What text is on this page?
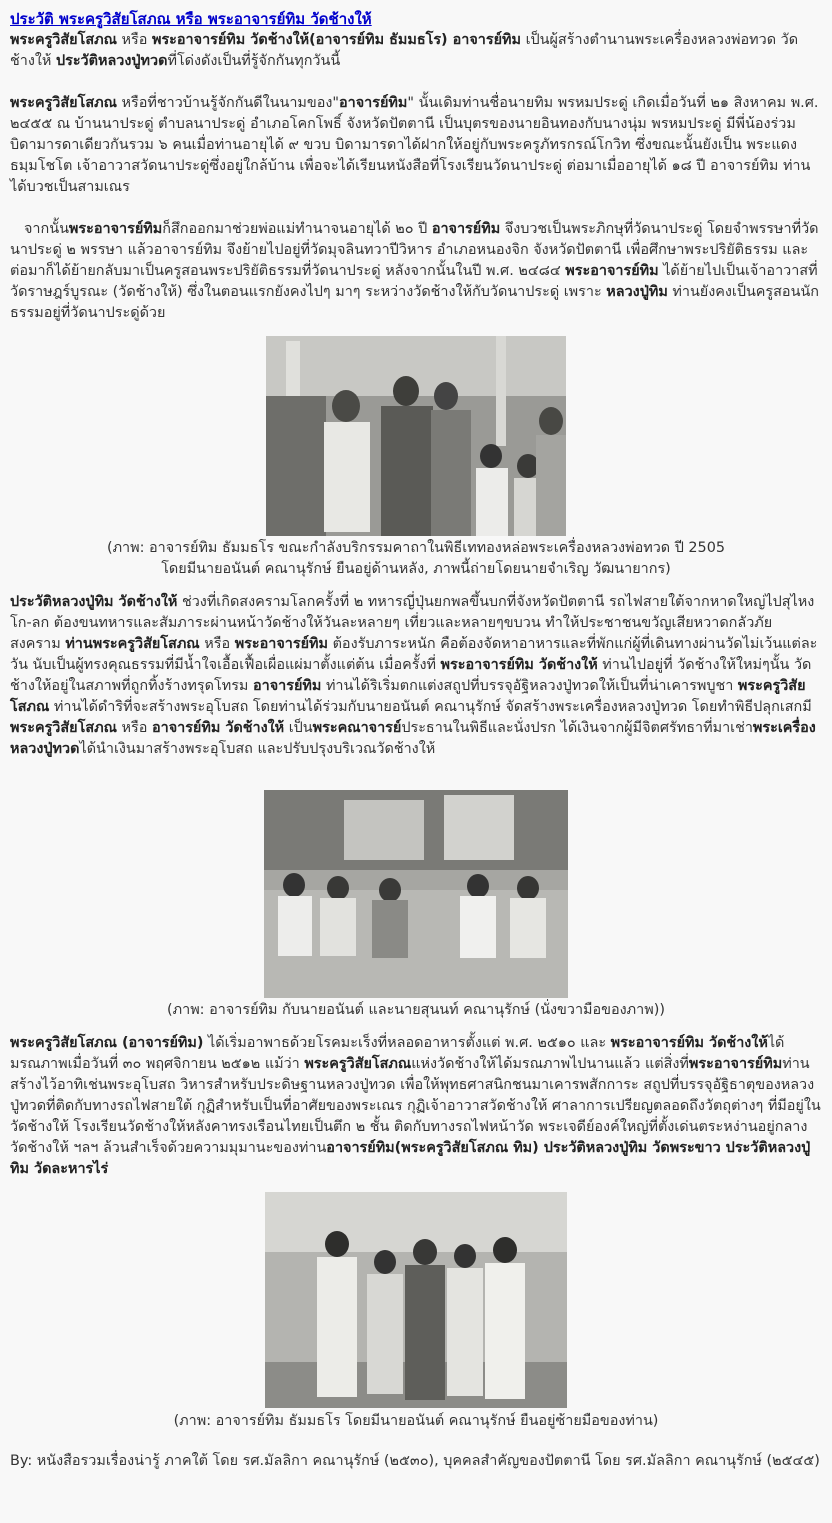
ประวัติ พระครูวิสัยโสภณ หรือ พระอาจารย์ทิม วัดช้างให้

พระครูวิสัยโสภณ หรือ พระอาจารย์ทิม วัดช้างให้(อาจารย์ทิม ธัมมธโร) อาจารย์ทิม เป็นผู้สร้างตำนานพระเครื่องหลวงพ่อทวด วัดช้างให้ ประวัติหลวงปู่ทวดที่โด่งดังเป็นที่รู้จักกันทุกวันนี้

พระครูวิสัยโสภณ หรือที่ชาวบ้านรู้จักกันดีในนามของ"อาจารย์ทิม" นั้นเดิมท่านชื่อนายทิม พรหมประดู่ เกิดเมื่อวันที่ ๒๑ สิงหาคม พ.ศ. ๒๔๕๕ ณ บ้านนาประดู่ ตำบลนาประดู่ อำเภอโคกโพธิ์ จังหวัดปัตตานี เป็นบุตรของนายอินทองกับนางนุ่ม พรหมประดู่ มีพี่น้องร่วมบิดามารดาเดียวกันรวม ๖ คนเมื่อท่านอายุได้ ๙ ขวบ บิดามารดาได้ฝากให้อยู่กับพระครูภัทรกรณ์โกวิท ซึ่งขณะนั้นยังเป็น พระแดง ธมฺมโชโต เจ้าอาวาสวัดนาประดู่ซึ่งอยู่ใกล้บ้าน เพื่อจะได้เรียนหนังสือที่โรงเรียนวัดนาประดู่ ต่อมาเมื่ออายุได้ ๑๘ ปี อาจารย์ทิม ท่านได้บวชเป็นสามเณร

จากนั้นพระอาจารย์ทิมก็สึกออกมาช่วยพ่อแม่ทำนาจนอายุได้ ๒๐ ปี อาจารย์ทิม จึงบวชเป็นพระภิกษุที่วัดนาประดู่ โดยจำพรรษาที่วัดนาประดู่ ๒ พรรษา แล้วอาจารย์ทิม จึงย้ายไปอยู่ที่วัดมุจลินทวาปีวิหาร อำเภอหนองจิก จังหวัดปัตตานี เพื่อศึกษาพระปริยัติธรรม และต่อมาก็ได้ย้ายกลับมาเป็นครูสอนพระปริยัติธรรมที่วัดนาประดู่ หลังจากนั้นในปี พ.ศ. ๒๔๘๔ พระอาจารย์ทิม ได้ย้ายไปเป็นเจ้าอาวาสที่วัดราษฎร์บูรณะ (วัดช้างให้) ซึ่งในตอนแรกยังคงไปๆ มาๆ ระหว่างวัดช้างให้กับวัดนาประดู่ เพราะ หลวงปู่ทิม ท่านยังคงเป็นครูสอนนักธรรมอยู่ที่วัดนาประดู่ด้วย

(ภาพ: อาจารย์ทิม ธัมมธโร ขณะกำลังบริกรรมคาถาในพิธีเททองหล่อพระเครื่องหลวงพ่อทวด ปี 2505

โดยมีนายอนันต์ คณานุรักษ์ ยืนอยู่ด้านหลัง, ภาพนี้ถ่ายโดยนายจำเริญ วัฒนายากร)

ประวัติหลวงปู่ทิม วัดช้างให้ ช่วงที่เกิดสงครามโลกครั้งที่ ๒ ทหารญี่ปุ่นยกพลขึ้นบกที่จังหวัดปัตตานี รถไฟสายใต้จากหาดใหญ่ไปสุไหงโก-ลก ต้องขนทหารและสัมภาระผ่านหน้าวัดช้างให้วันละหลายๆ เที่ยวและหลายๆขบวน ทำให้ประชาชนขวัญเสียหวาดกลัวภัยสงคราม ท่านพระครูวิสัยโสภณ หรือ พระอาจารย์ทิม ต้องรับภาระหนัก คือต้องจัดหาอาหารและที่พักแก่ผู้ที่เดินทางผ่านวัดไม่เว้นแต่ละวัน นับเป็นผู้ทรงคุณธรรมที่มีน้ำใจเอื้อเฟื้อเผื่อแผ่มาตั้งแต่ต้น เมื่อครั้งที่ พระอาจารย์ทิม วัดช้างให้ ท่านไปอยู่ที่ วัดช้างให้ใหม่ๆนั้น วัดช้างให้อยู่ในสภาพที่ถูกทิ้งร้างทรุดโทรม อาจารย์ทิม ท่านได้ริเริ่มตกแต่งสถูปที่บรรจุอัฐิหลวงปู่ทวดให้เป็นที่น่าเคารพบูชา พระครูวิสัยโสภณ ท่านได้ดำริที่จะสร้างพระอุโบสถ โดยท่านได้ร่วมกับนายอนันต์ คณานุรักษ์ จัดสร้างพระเครื่องหลวงปู่ทวด โดยทำพิธีปลุกเสกมีพระครูวิสัยโสภณ หรือ อาจารย์ทิม วัดช้างให้ เป็นพระคณาจารย์ประธานในพิธีและนั่งปรก ได้เงินจากผู้มีจิตศรัทธาที่มาเช่าพระเครื่องหลวงปู่ทวดได้นำเงินมาสร้างพระอุโบสถ และปรับปรุงบริเวณวัดช้างให้

(ภาพ: อาจารย์ทิม กับนายอนันต์ และนายสุนนท์ คณานุรักษ์ (นั่งขวามือของภาพ))

พระครูวิสัยโสภณ (อาจารย์ทิม) ได้เริ่มอาพาธด้วยโรคมะเร็งที่หลอดอาหารตั้งแต่ พ.ศ. ๒๕๑๐ และ พระอาจารย์ทิม วัดช้างให้ได้มรณภาพเมื่อวันที่ ๓๐ พฤศจิกายน ๒๕๑๒ แม้ว่า พระครูวิสัยโสภณแห่งวัดช้างให้ได้มรณภาพไปนานแล้ว แต่สิ่งที่พระอาจารย์ทิมท่านสร้างไว้อาทิเช่นพระอุโบสถ วิหารสำหรับประดิษฐานหลวงปู่ทวด เพื่อให้พุทธศาสนิกชนมาเคารพสักการะ สถูปที่บรรจุอัฐิธาตุของหลวงปู่ทวดที่ติดกับทางรถไฟสายใต้ กุฏิสำหรับเป็นที่อาศัยของพระเณร กุฏิเจ้าอาวาสวัดช้างให้ ศาลาการเปรียญตลอดถึงวัตถุต่างๆ ที่มีอยู่ในวัดช้างให้ โรงเรียนวัดช้างให้หลังคาทรงเรือนไทยเป็นตึก ๒ ชั้น ติดกับทางรถไฟหน้าวัด พระเจดีย์องค์ใหญ่ที่ตั้งเด่นตระหง่านอยู่กลางวัดช้างให้ ฯลฯ ล้วนสำเร็จด้วยความมุมานะของท่านอาจารย์ทิม(พระครูวิสัยโสภณ ทิม) ประวัติหลวงปู่ทิม วัดพระขาว ประวัติหลวงปู่ทิม วัดละหารไร่

(ภาพ: อาจารย์ทิม ธัมมธโร โดยมีนายอนันต์ คณานุรักษ์ ยืนอยู่ซ้ายมือของท่าน)

By: หนังสือรวมเรื่องน่ารู้ ภาคใต้ โดย รศ.มัลลิกา คณานุรักษ์ (๒๕๓๐), บุคคลสำคัญของปัตตานี โดย รศ.มัลลิกา คณานุรักษ์ (๒๕๔๕)
